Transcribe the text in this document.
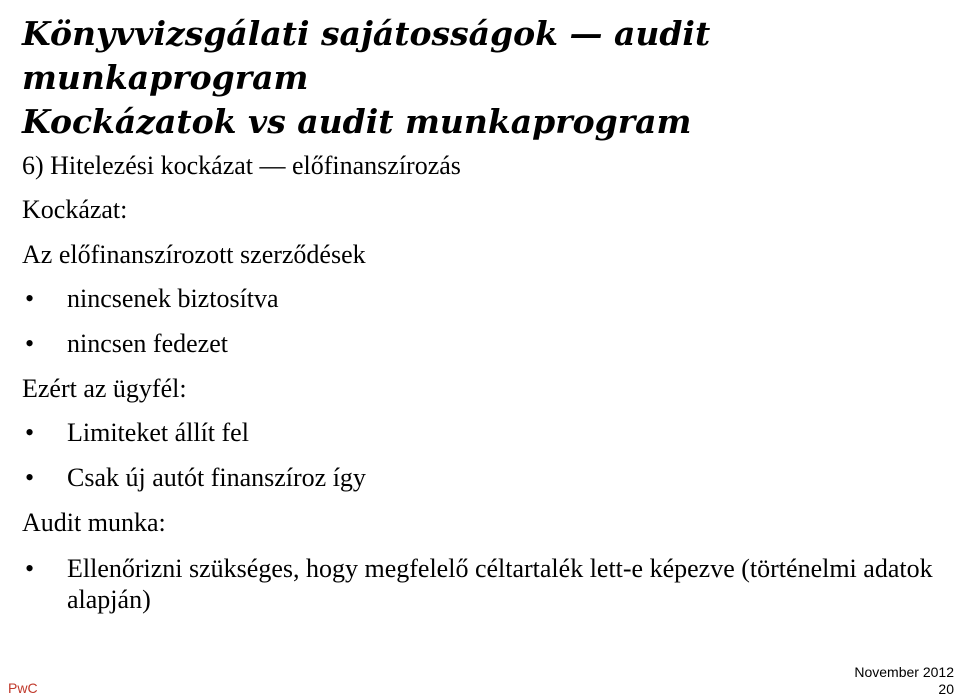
Könyvvizsgálati sajátosságok — audit
munkaprogram
Kockázatok vs audit munkaprogram
6) Hitelezési kockázat — előfinanszírozás
Kockázat:
Az előfinanszírozott szerződések
•	nincsenek biztosítva
•	nincsen fedezet
Ezért az ügyfél:
•	Limiteket állít fel
•	Csak új autót finanszíroz így
Audit munka:
•	Ellenőrizni szükséges, hogy megfelelő céltartalék lett-e képezve (történelmi adatok alapján)
PwC
November 2012
20
